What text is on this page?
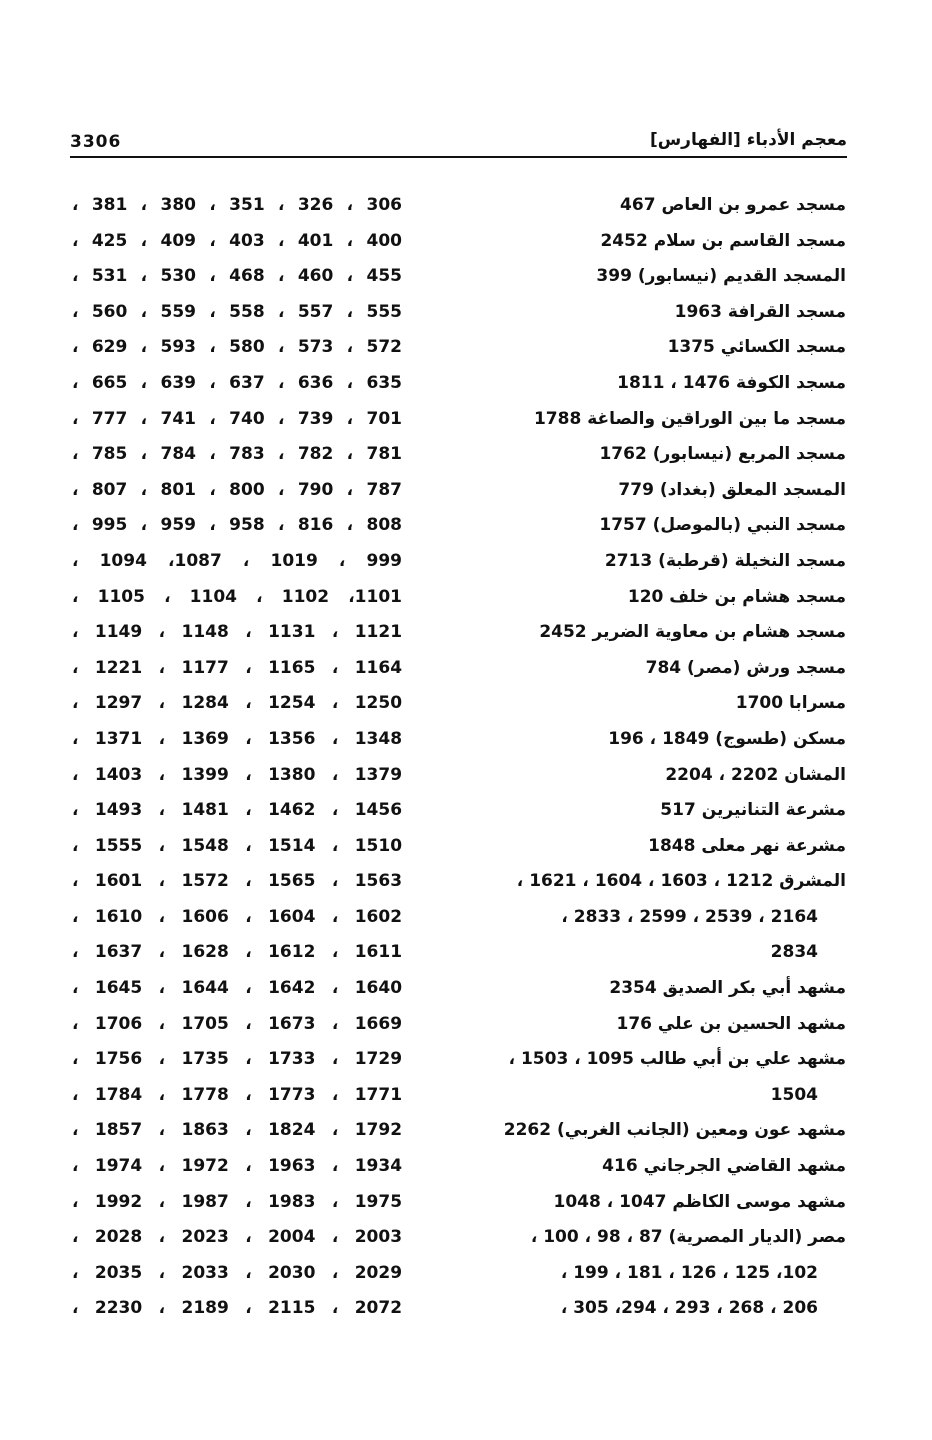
3306	معجم الأدباء [الفهارس]
مسجد عمرو بن العاص 467
مسجد القاسم بن سلام 2452
المسجد القديم (نيسابور) 399
مسجد القرافة 1963
مسجد الكسائي 1375
مسجد الكوفة 1476 ، 1811
مسجد ما بين الوراقين والصاغة 1788
مسجد المربع (نيسابور) 1762
المسجد المعلق (بغداد) 779
مسجد النبي (بالموصل) 1757
مسجد النخيلة (قرطبة) 2713
مسجد هشام بن خلف 120
مسجد هشام بن معاوية الضرير 2452
مسجد ورش (مصر) 784
مسرابا 1700
مسكن (طسوج) 1849 ، 196
المشان 2202 ، 2204
مشرعة التنانيرين 517
مشرعة نهر معلى 1848
المشرق 1212 ، 1603 ، 1604 ، 1621 ،
2164 ، 2539 ، 2599 ، 2833 ،
2834
مشهد أبي بكر الصديق 2354
مشهد الحسين بن علي 176
مشهد علي بن أبي طالب 1095 ، 1503 ،
1504
مشهد عون ومعين (الجانب الغربي) 2262
مشهد القاضي الجرجاني 416
مشهد موسى الكاظم 1047 ، 1048
مصر (الديار المصرية) 87 ، 98 ، 100 ،
102، 125 ، 126 ، 181 ، 199 ،
206 ، 268 ، 293 ، 294، 305 ،
306 ، 326 ، 351 ، 380 ، 381 ،
400 ، 401 ، 403 ، 409 ، 425 ،
455 ، 460 ، 468 ، 530 ، 531 ،
555 ، 557 ، 558 ، 559 ، 560 ،
572 ، 573 ، 580 ، 593 ، 629 ،
635 ، 636 ، 637 ، 639 ، 665 ،
701 ، 739 ، 740 ، 741 ، 777 ،
781 ، 782 ، 783 ، 784 ، 785 ،
787 ، 790 ، 800 ، 801 ، 807 ،
808 ، 816 ، 958 ، 959 ، 995 ،
999 ، 1019 ، 1087، 1094 ،
1101، 1102 ، 1104 ، 1105 ،
1121 ، 1131 ، 1148 ، 1149 ،
1164 ، 1165 ، 1177 ، 1221 ،
1250 ، 1254 ، 1284 ، 1297 ،
1348 ، 1356 ، 1369 ، 1371 ،
1379 ، 1380 ، 1399 ، 1403 ،
1456 ، 1462 ، 1481 ، 1493 ،
1510 ، 1514 ، 1548 ، 1555 ،
1563 ، 1565 ، 1572 ، 1601 ،
1602 ، 1604 ، 1606 ، 1610 ،
1611 ، 1612 ، 1628 ، 1637 ،
1640 ، 1642 ، 1644 ، 1645 ،
1669 ، 1673 ، 1705 ، 1706 ،
1729 ، 1733 ، 1735 ، 1756 ،
1771 ، 1773 ، 1778 ، 1784 ،
1792 ، 1824 ، 1863 ، 1857 ،
1934 ، 1963 ، 1972 ، 1974 ،
1975 ، 1983 ، 1987 ، 1992 ،
2003 ، 2004 ، 2023 ، 2028 ،
2029 ، 2030 ، 2033 ، 2035 ،
2072 ، 2115 ، 2189 ، 2230 ،
